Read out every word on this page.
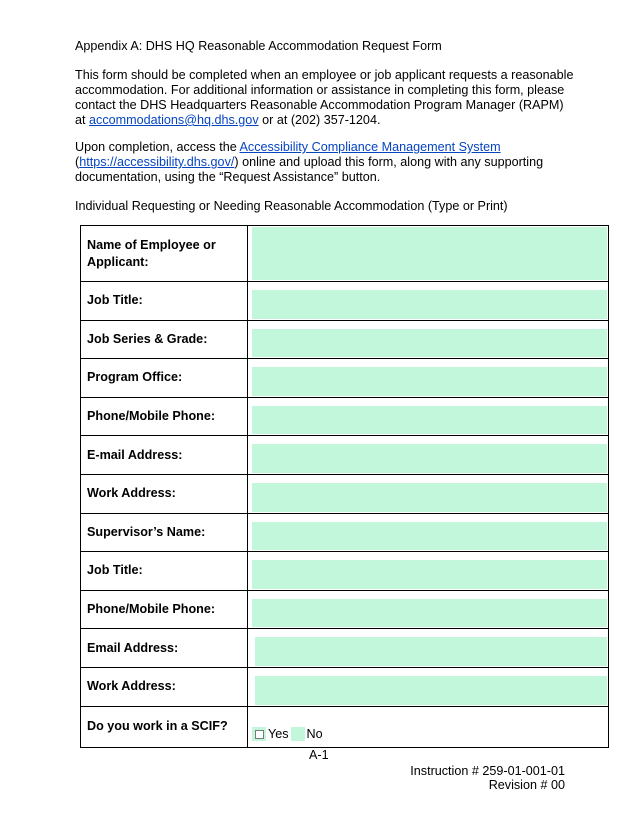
Appendix A: DHS HQ Reasonable Accommodation Request Form
This form should be completed when an employee or job applicant requests a reasonable accommodation. For additional information or assistance in completing this form, please contact the DHS Headquarters Reasonable Accommodation Program Manager (RAPM) at accommodations@hq.dhs.gov or at (202) 357-1204.
Upon completion, access the Accessibility Compliance Management System
(https://accessibility.dhs.gov/) online and upload this form, along with any supporting documentation, using the “Request Assistance” button.
Individual Requesting or Needing Reasonable Accommodation (Type or Print)
Name of Employee or Applicant:	

Job Title:	

Job Series & Grade:	

Program Office:	

Phone/Mobile Phone:	

E-mail Address:	

Work Address:	

Supervisor’s Name:	

Job Title:	

Phone/Mobile Phone:	

Email Address:	

Work Address:	

Do you work in a SCIF?	Yes No
A-1
Instruction # 259-01-001-01
Revision # 00
